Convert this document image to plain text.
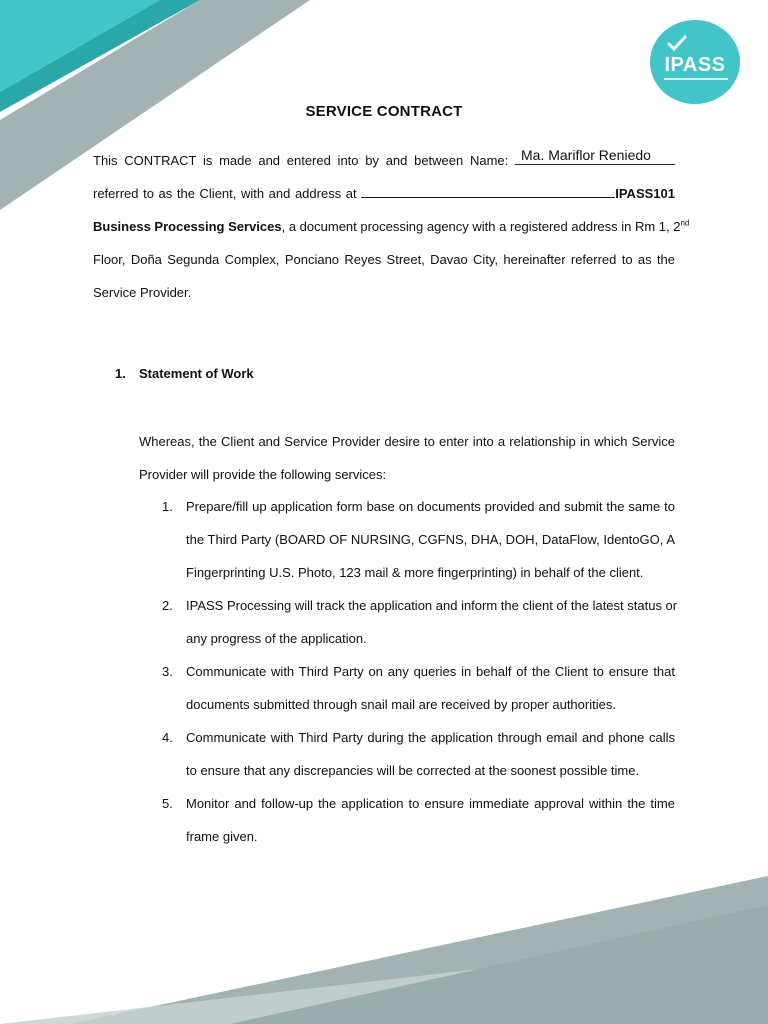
IPASS
SERVICE CONTRACT
This CONTRACT is made and entered into by and between Name: Ma. Mariflor Reniedo
referred to as the Client, with and address at	IPASS101
Business Processing Services, a document processing agency with a registered address in Rm 1, 2nd
Floor, Doña Segunda Complex, Ponciano Reyes Street, Davao City, hereinafter referred to as the
Service Provider.
1. Statement of Work
Whereas, the Client and Service Provider desire to enter into a relationship in which Service
Provider will provide the following services:
1. Prepare/fill up application form base on documents provided and submit the same to
the Third Party (BOARD OF NURSING, CGFNS, DHA, DOH, DataFlow, IdentoGO, A
Fingerprinting U.S. Photo, 123 mail & more fingerprinting) in behalf of the client.
2. IPASS Processing will track the application and inform the client of the latest status or
any progress of the application.
3. Communicate with Third Party on any queries in behalf of the Client to ensure that
documents submitted through snail mail are received by proper authorities.
4. Communicate with Third Party during the application through email and phone calls
to ensure that any discrepancies will be corrected at the soonest possible time.
5. Monitor and follow-up the application to ensure immediate approval within the time
frame given.
